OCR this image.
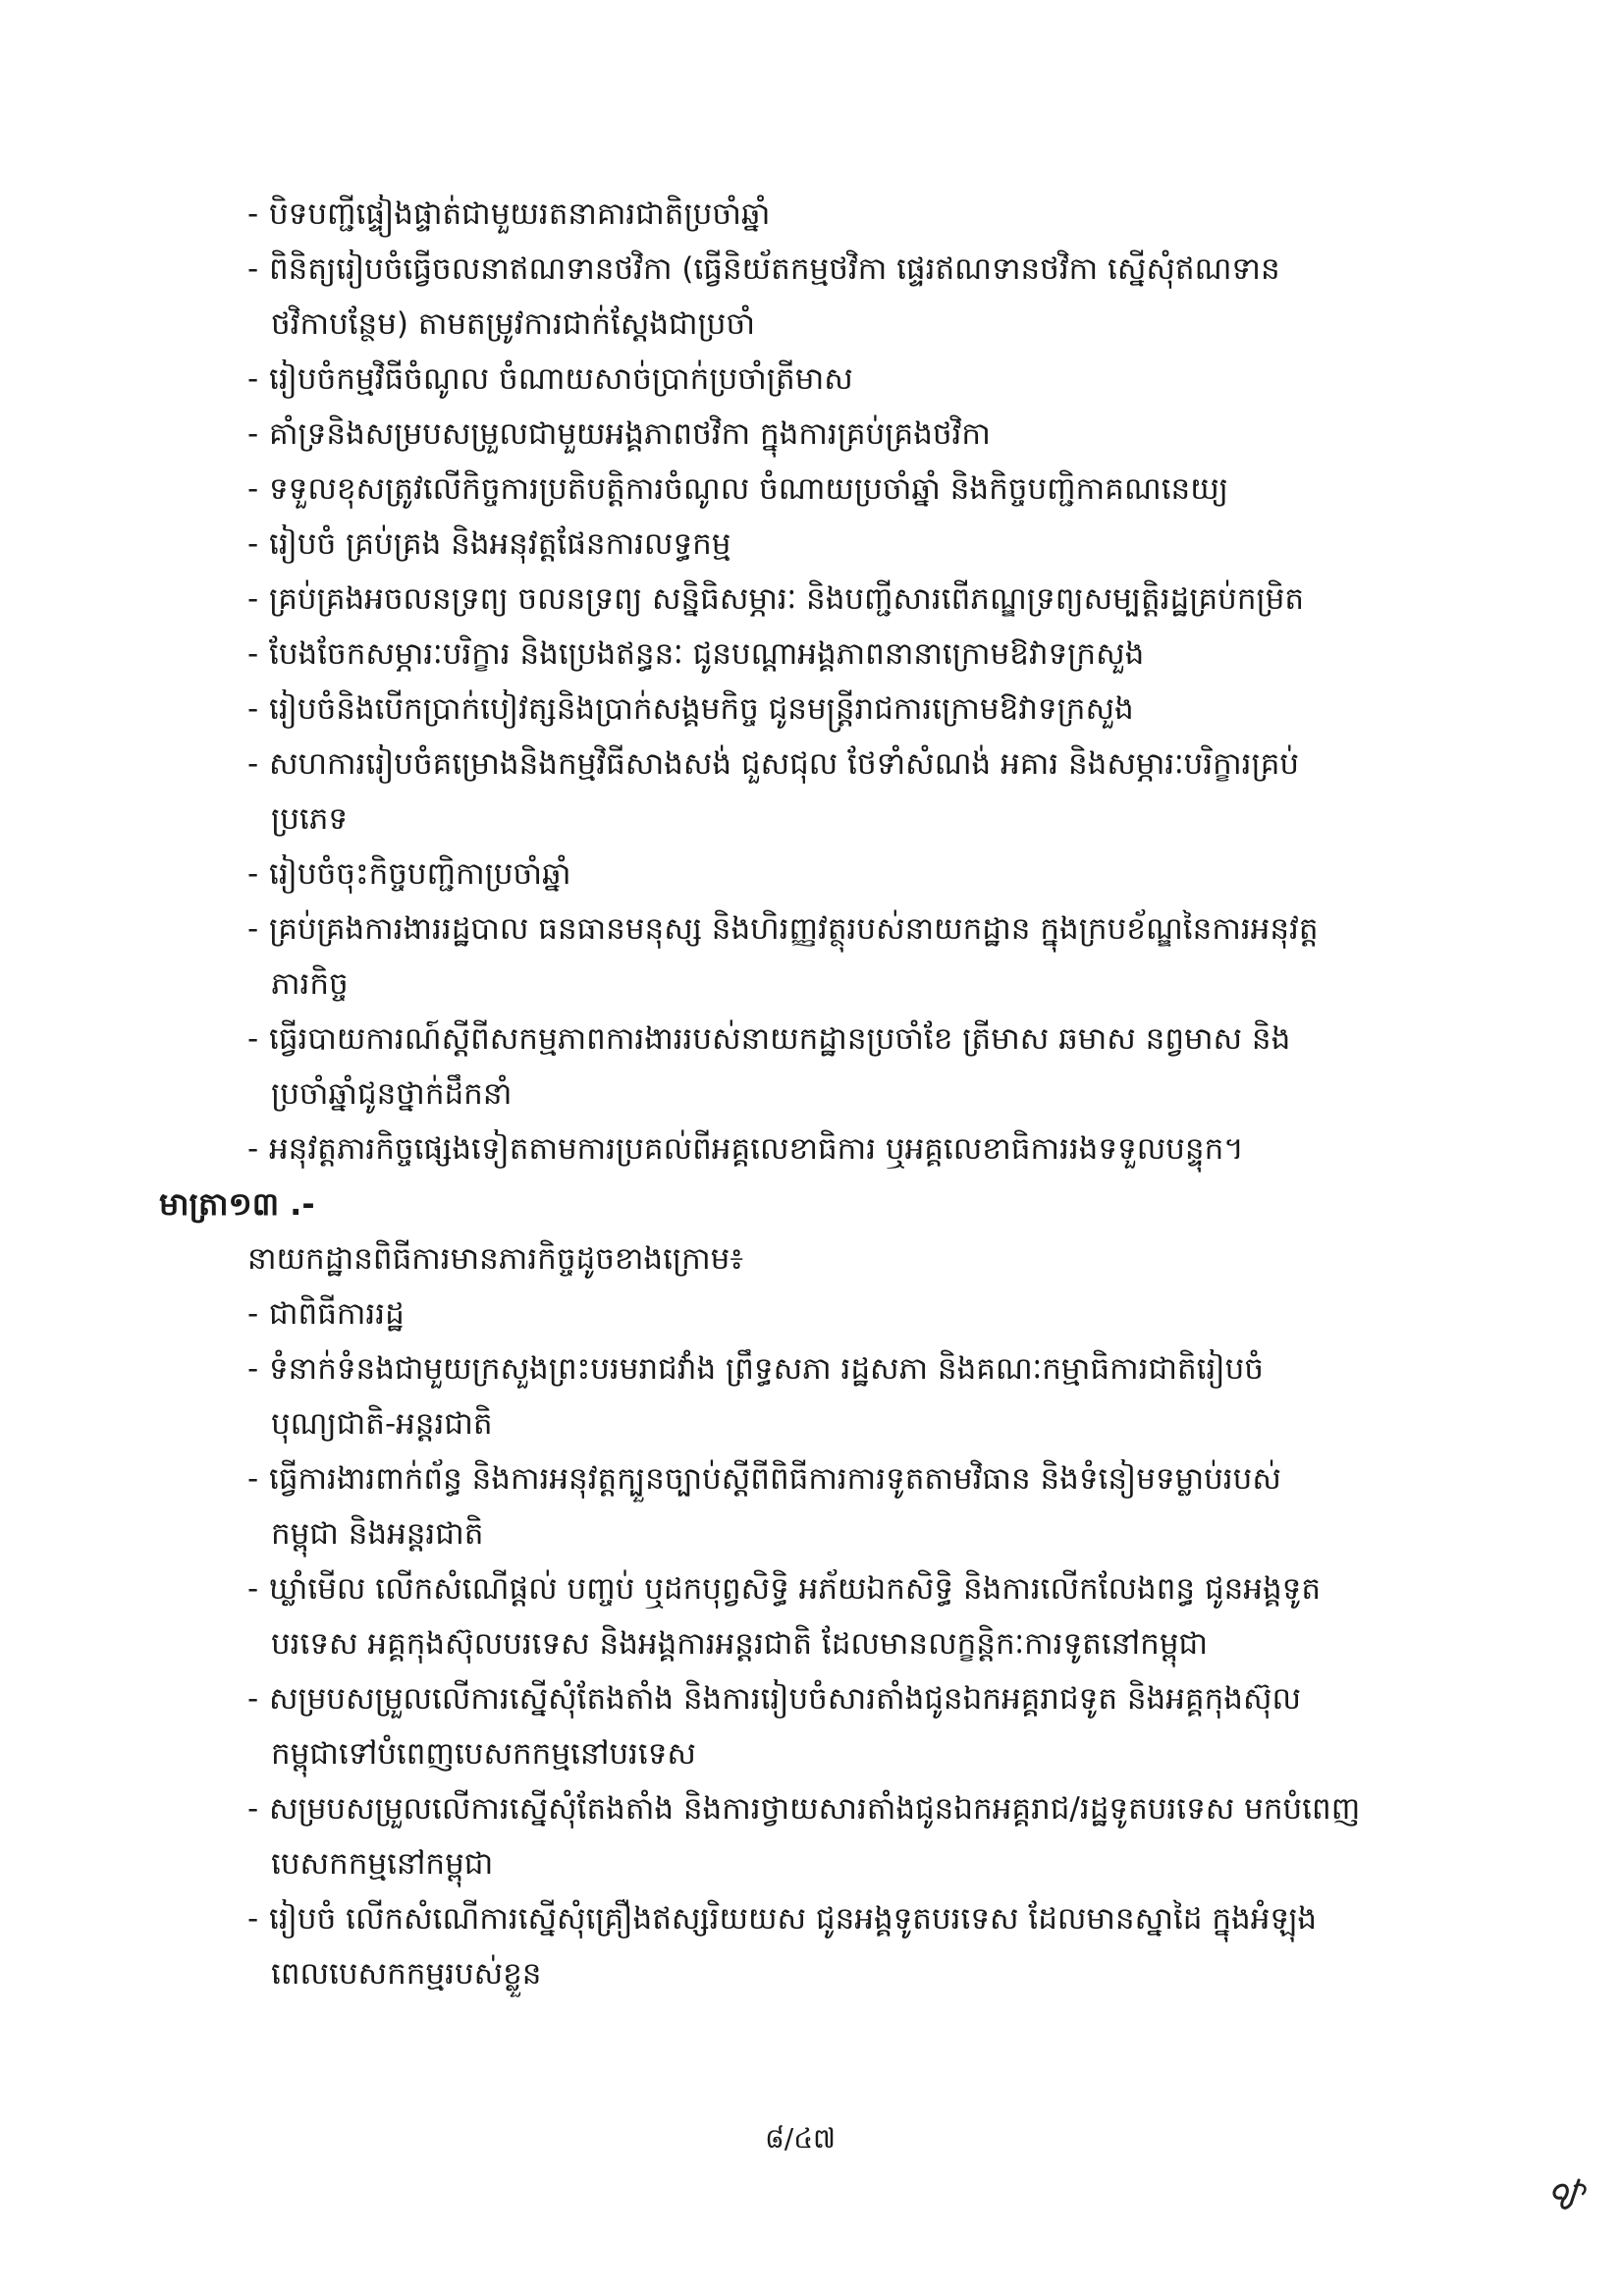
- បិទបញ្ជីផ្ទៀងផ្ទាត់ជាមួយរតនាគារជាតិប្រចាំឆ្នាំ
- ពិនិត្យរៀបចំធ្វើចលនាឥណទានថវិកា (ធ្វើនិយ័តកម្មថវិកា ផ្ទេរឥណទានថវិកា ស្នើសុំឥណទាន
ថវិកាបន្ថែម) តាមតម្រូវការជាក់ស្តែងជាប្រចាំ
- រៀបចំកម្មវិធីចំណូល ចំណាយសាច់ប្រាក់ប្រចាំត្រីមាស
- គាំទ្រនិងសម្របសម្រួលជាមួយអង្គភាពថវិកា ក្នុងការគ្រប់គ្រងថវិកា
- ទទួលខុសត្រូវលើកិច្ចការប្រតិបត្តិការចំណូល ចំណាយប្រចាំឆ្នាំ និងកិច្ចបញ្ជិកាគណនេយ្យ
- រៀបចំ គ្រប់គ្រង និងអនុវត្តផែនការលទ្ធកម្ម
- គ្រប់គ្រងអចលនទ្រព្យ ចលនទ្រព្យ សន្និធិសម្ភារៈ និងបញ្ជីសារពើភណ្ឌទ្រព្យសម្បត្តិរដ្ឋគ្រប់កម្រិត
- បែងចែកសម្ភារៈបរិក្ខារ និងប្រេងឥន្ធនៈ ជូនបណ្តាអង្គភាពនានាក្រោមឱវាទក្រសួង
- រៀបចំនិងបើកប្រាក់បៀវត្សនិងប្រាក់សង្គមកិច្ច ជូនមន្ត្រីរាជការក្រោមឱវាទក្រសួង
- សហការរៀបចំគម្រោងនិងកម្មវិធីសាងសង់ ជួសជុល ថែទាំសំណង់ អគារ និងសម្ភារៈបរិក្ខារគ្រប់
ប្រភេទ
- រៀបចំចុះកិច្ចបញ្ជិកាប្រចាំឆ្នាំ
- គ្រប់គ្រងការងាររដ្ឋបាល ធនធានមនុស្ស និងហិរញ្ញវត្ថុរបស់នាយកដ្ឋាន ក្នុងក្របខ័ណ្ឌនៃការអនុវត្ត
ភារកិច្ច
- ធ្វើរបាយការណ៍ស្តីពីសកម្មភាពការងាររបស់នាយកដ្ឋានប្រចាំខែ ត្រីមាស ឆមាស នព្វមាស និង
ប្រចាំឆ្នាំជូនថ្នាក់ដឹកនាំ
- អនុវត្តភារកិច្ចផ្សេងទៀតតាមការប្រគល់ពីអគ្គលេខាធិការ ឬអគ្គលេខាធិការរងទទួលបន្ទុក។
មាត្រា១៣ .-
នាយកដ្ឋានពិធីការមានភារកិច្ចដូចខាងក្រោម៖
- ជាពិធីការរដ្ឋ
- ទំនាក់ទំនងជាមួយក្រសួងព្រះបរមរាជវាំង ព្រឹទ្ធសភា រដ្ឋសភា និងគណៈកម្មាធិការជាតិរៀបចំ
បុណ្យជាតិ-អន្តរជាតិ
- ធ្វើការងារពាក់ព័ន្ធ និងការអនុវត្តក្បួនច្បាប់ស្តីពីពិធីការការទូតតាមវិធាន និងទំនៀមទម្លាប់របស់
កម្ពុជា និងអន្តរជាតិ
- ឃ្លាំមើល លើកសំណើផ្តល់ បញ្ចប់ ឬដកបុព្វសិទ្ធិ អភ័យឯកសិទ្ធិ និងការលើកលែងពន្ធ ជូនអង្គទូត
បរទេស អគ្គកុងស៊ុលបរទេស និងអង្គការអន្តរជាតិ ដែលមានលក្ខន្តិកៈការទូតនៅកម្ពុជា
- សម្របសម្រួលលើការស្នើសុំតែងតាំង និងការរៀបចំសារតាំងជូនឯកអគ្គរាជទូត និងអគ្គកុងស៊ុល
កម្ពុជាទៅបំពេញបេសកកម្មនៅបរទេស
- សម្របសម្រួលលើការស្នើសុំតែងតាំង និងការថ្វាយសារតាំងជូនឯកអគ្គរាជ/រដ្ឋទូតបរទេស មកបំពេញ
បេសកកម្មនៅកម្ពុជា
- រៀបចំ លើកសំណើការស្នើសុំគ្រឿងឥស្សរិយយស ជូនអង្គទូតបរទេស ដែលមានស្នាដៃ ក្នុងអំឡុង
ពេលបេសកកម្មរបស់ខ្លួន
៨/៤៧
